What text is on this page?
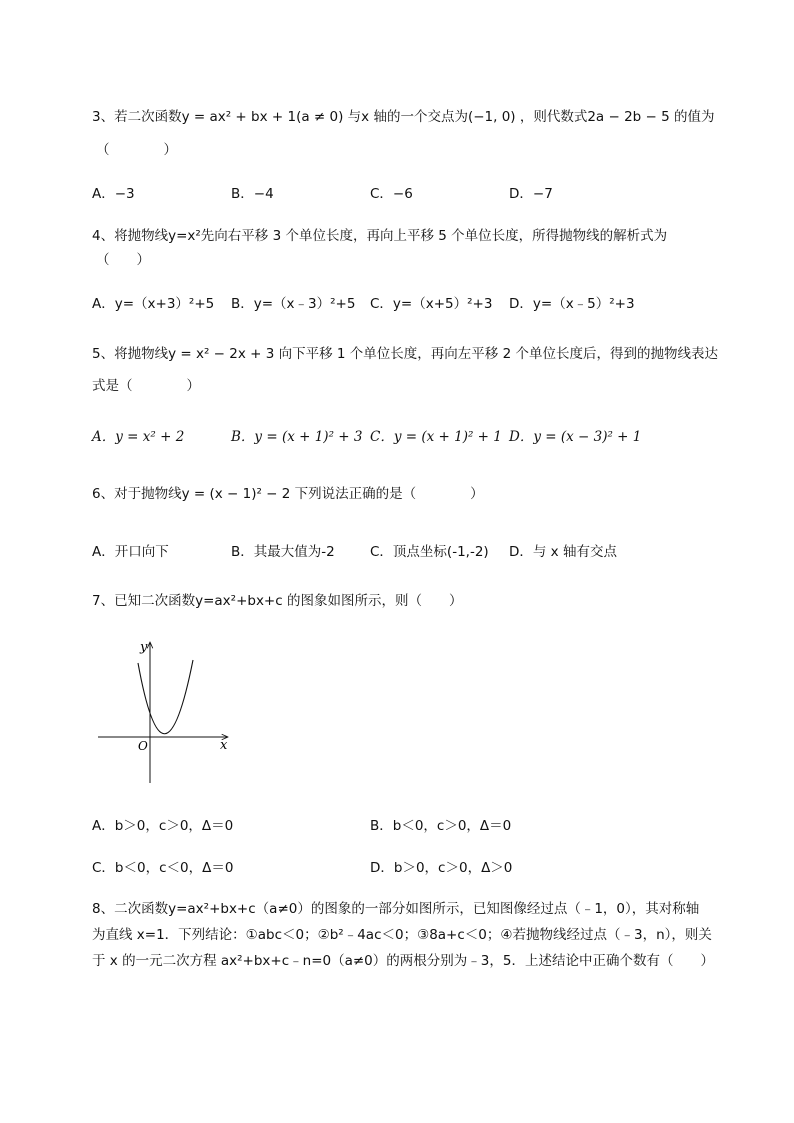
3、若二次函数y = ax² + bx + 1(a ≠ 0) 与x 轴的一个交点为(−1, 0) ，则代数式2a − 2b − 5 的值为
（　　　　）
A．−3	B．−4	C．−6	D．−7
4、将抛物线y=x²先向右平移 3 个单位长度，再向上平移 5 个单位长度，所得抛物线的解析式为
（　　）
A．y=（x+3）²+5 B．y=（x﹣3）²+5 C．y=（x+5）²+3 D．y=（x﹣5）²+3
5、将抛物线y = x² − 2x + 3 向下平移 1 个单位长度，再向左平移 2 个单位长度后，得到的抛物线表达
式是（　　　　）
A．y = x² + 2	B．y = (x + 1)² + 3 C．y = (x + 1)² + 1 D．y = (x − 3)² + 1
6、对于抛物线y = (x − 1)² − 2 下列说法正确的是（　　　　）
A．开口向下	B．其最大值为-2	C．顶点坐标(-1,-2) D．与 x 轴有交点
7、已知二次函数y=ax²+bx+c 的图象如图所示，则（　　）
y
x
O
A．b＞0，c＞0，Δ＝0	B．b＜0，c＞0，Δ＝0
C．b＜0，c＜0，Δ＝0	D．b＞0，c＞0，Δ＞0
8、二次函数y=ax²+bx+c（a≠0）的图象的一部分如图所示，已知图像经过点（﹣1，0），其对称轴
为直线 x=1．下列结论：①abc＜0；②b²﹣4ac＜0；③8a+c＜0；④若抛物线经过点（﹣3，n），则关
于 x 的一元二次方程 ax²+bx+c﹣n=0（a≠0）的两根分别为﹣3，5．上述结论中正确个数有（　　）
